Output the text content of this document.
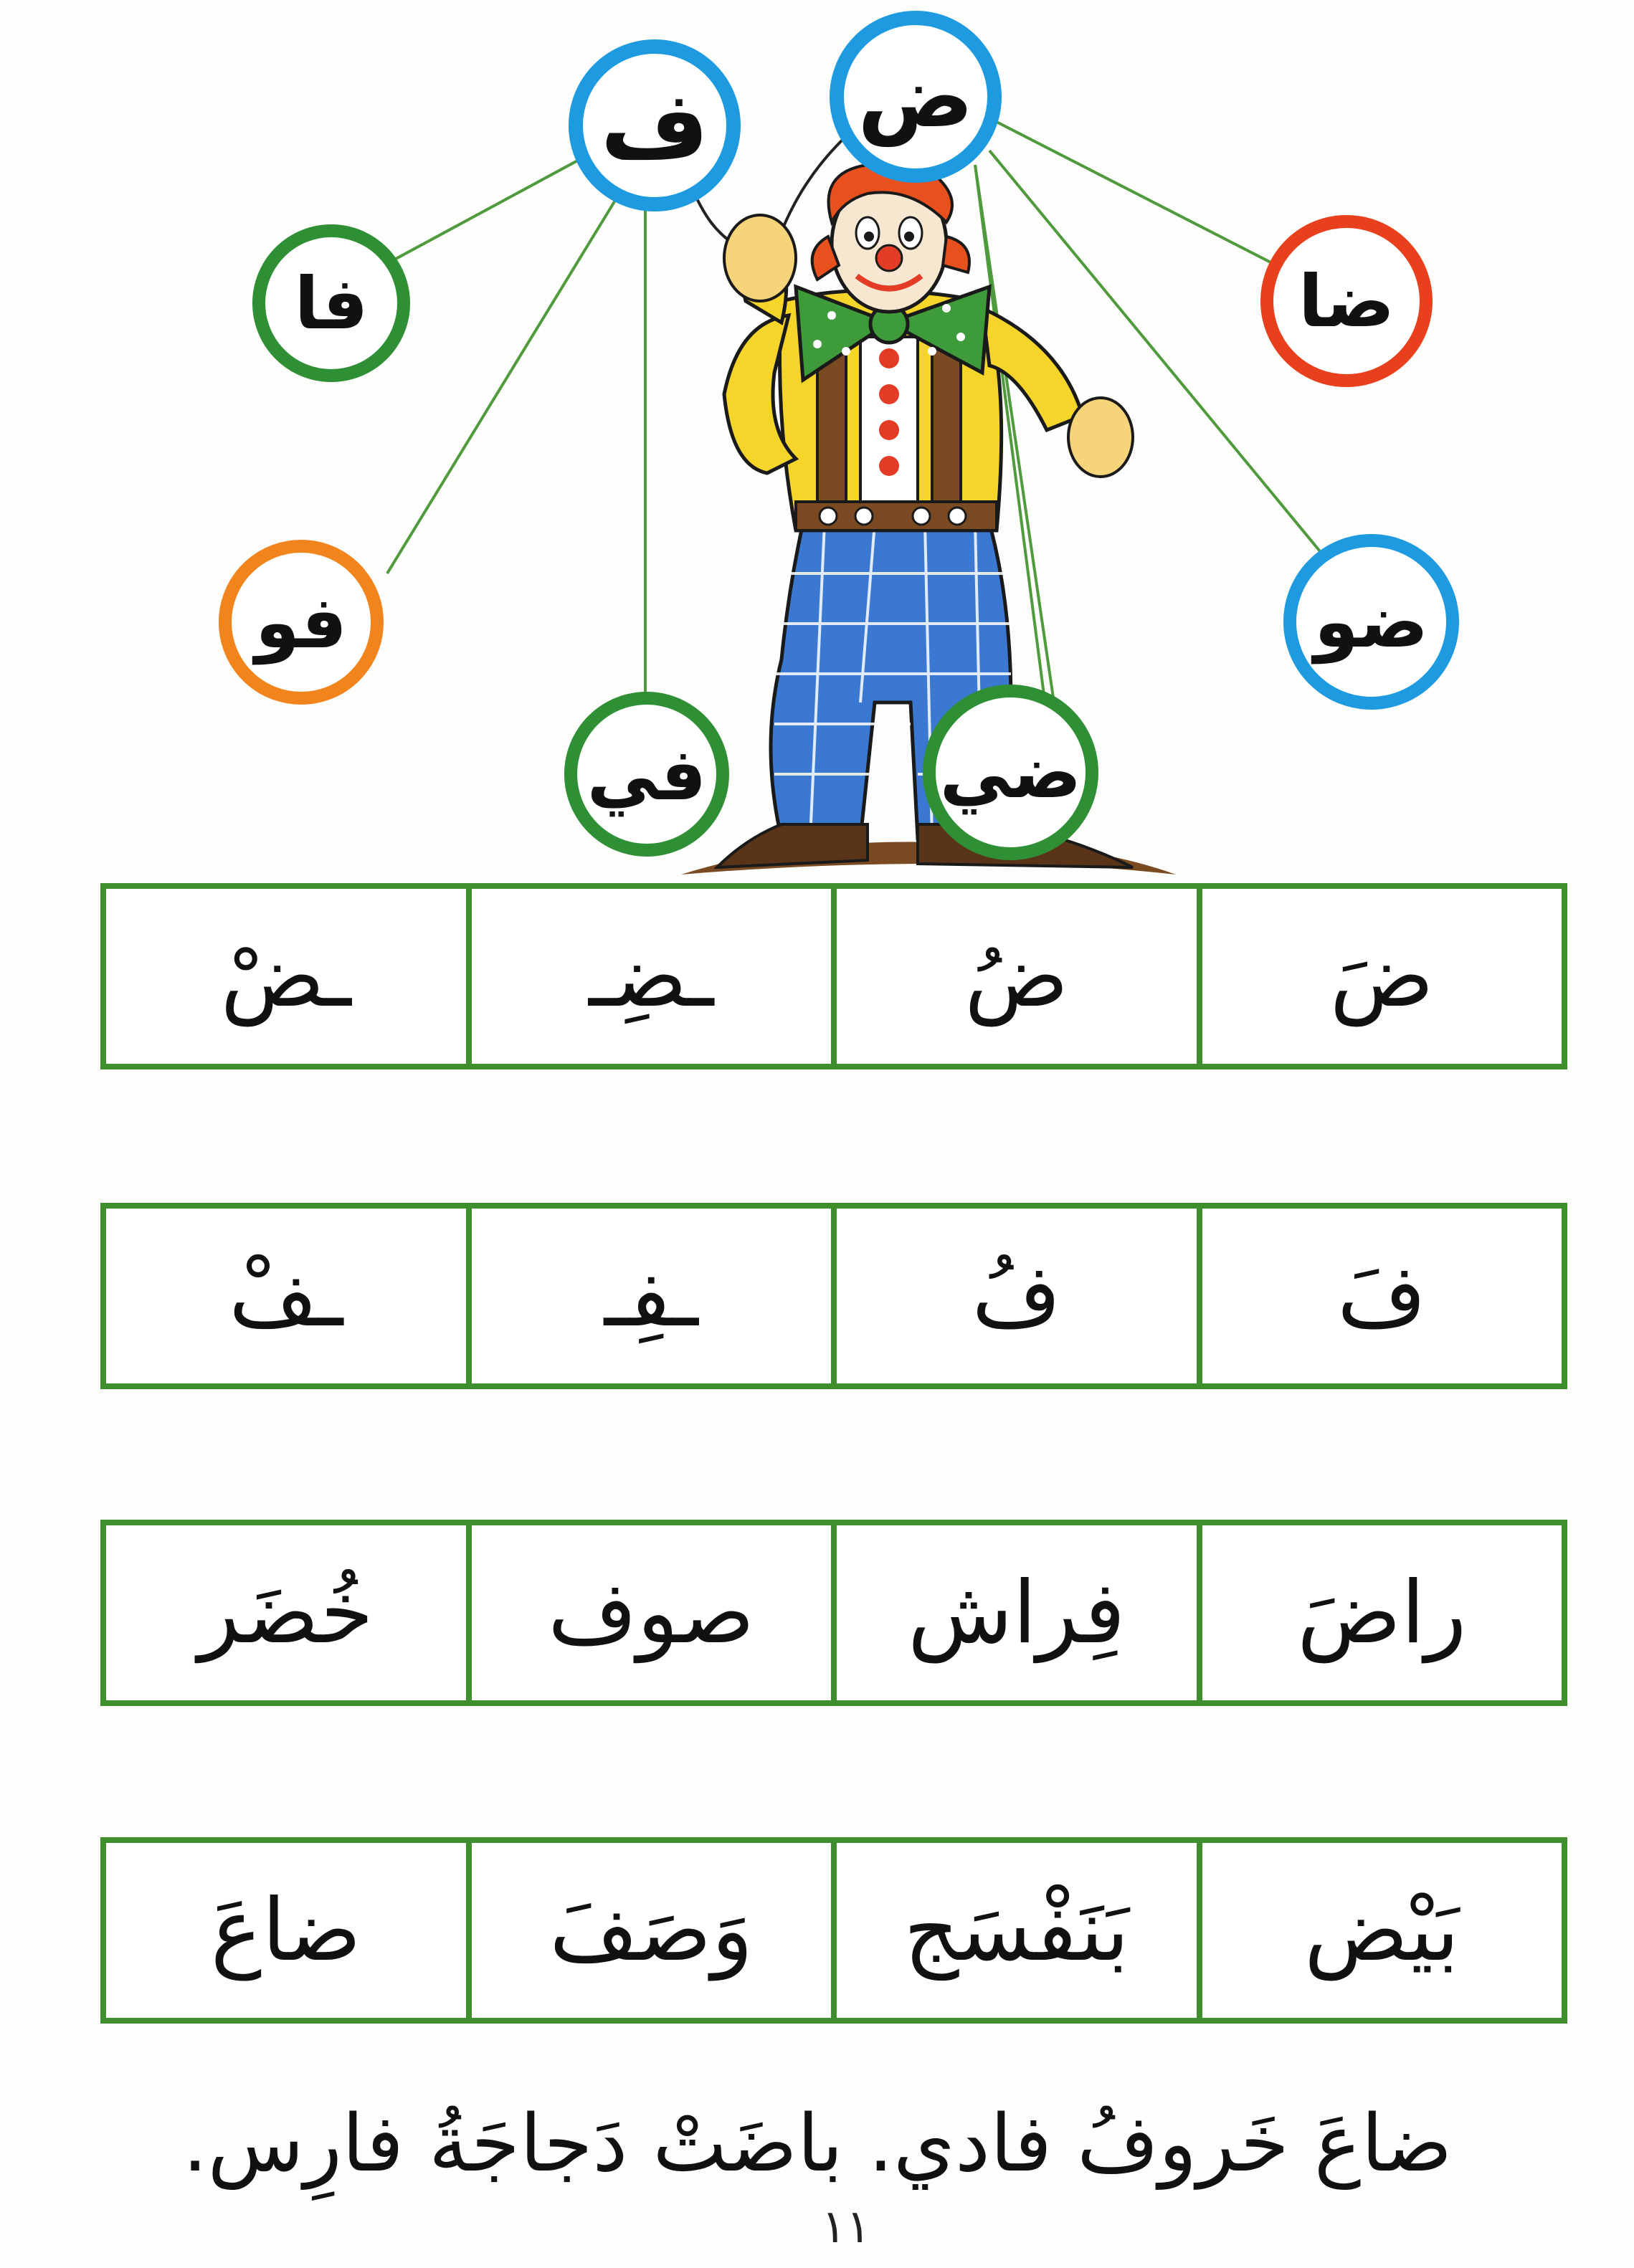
ف	ض
فا
فو
في
ضا
ضو
ضي
ضَ
ضُ
ـضِـ
ـضْ
فَ
فُ
ـفِـ
ـفْ
راضَ
فِراش
صوف
خُضَر
بَيْض
بَنَفْسَج
وَصَفَ
ضاعَ
ضاعَ خَروفُ فادي. باضَتْ دَجاجَةُ فارِس.
١١
